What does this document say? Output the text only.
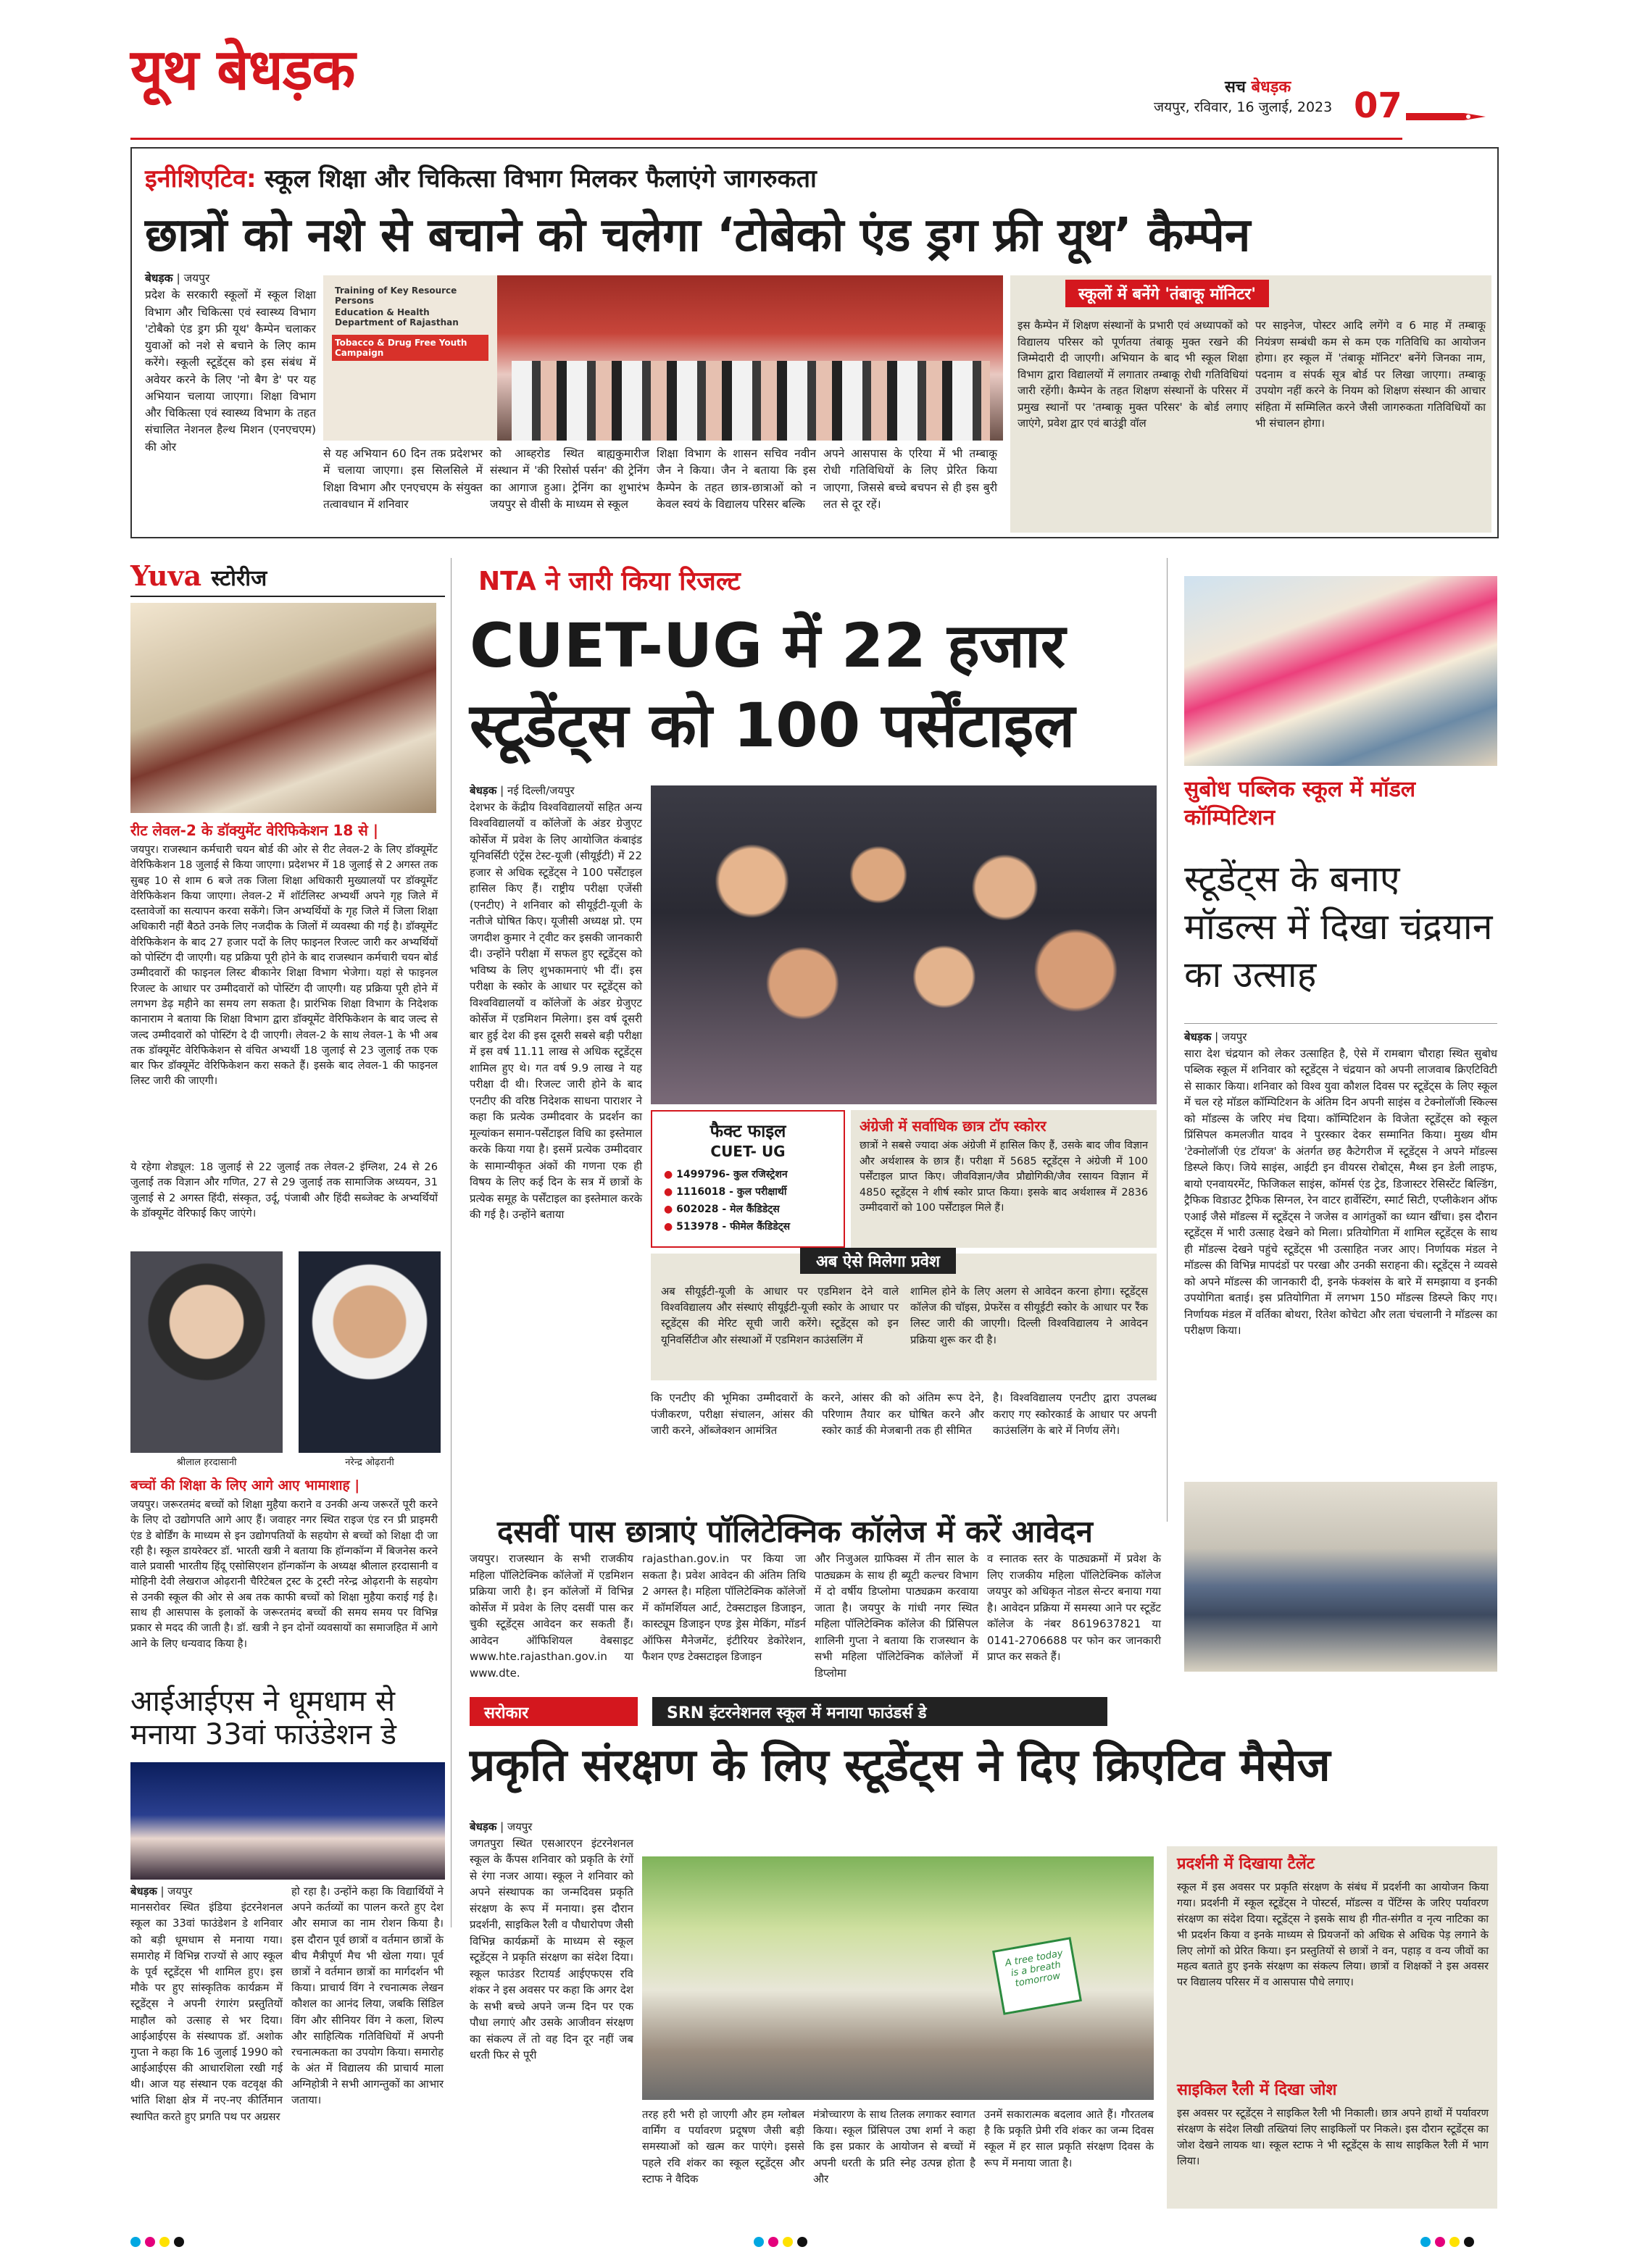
यूथ बेधड़क	सच बेधड़क
जयपुर, रविवार, 16 जुलाई, 2023 07
इनीशिएटिव: स्कूल शिक्षा और चिकित्सा विभाग मिलकर फैलाएंगे जागरुकता
छात्रों को नशे से बचाने को चलेगा ‘टोबेको एंड ड्रग फ्री यूथ’ कैम्पेन
बेधड़क | जयपुर
प्रदेश के सरकारी स्कूलों में स्कूल शिक्षा विभाग और चिकित्सा एवं स्वास्थ्य विभाग 'टोबैको एंड ड्रग फ्री यूथ' कैम्पेन चलाकर युवाओं को नशे से बचाने के लिए काम करेंगे। स्कूली स्टूडेंट्स को इस संबंध में अवेयर करने के लिए 'नो बैग डे' पर यह अभियान चलाया जाएगा। शिक्षा विभाग और चिकित्सा एवं स्वास्थ्य विभाग के तहत संचालित नेशनल हैल्थ मिशन (एनएचएम) की ओर
Training of Key Resource Persons
Education & Health Department of Rajasthan
Tobacco & Drug Free Youth Campaign
से यह अभियान 60 दिन तक प्रदेशभर में चलाया जाएगा। इस सिलसिले में शिक्षा विभाग और एनएचएम के संयुक्त तत्वावधान में शनिवार
को आब्हरोड स्थित बाह्यकुमारीज संस्थान में 'की रिसोर्स पर्सन' की ट्रेनिंग का आगाज हुआ। ट्रेनिंग का शुभारंभ जयपुर से वीसी के माध्यम से स्कूल
शिक्षा विभाग के शासन सचिव नवीन जैन ने किया। जैन ने बताया कि इस कैम्पेन के तहत छात्र-छात्राओं को न केवल स्वयं के विद्यालय परिसर बल्कि
अपने आसपास के एरिया में भी तम्बाकू रोधी गतिविधियों के लिए प्रेरित किया जाएगा, जिससे बच्चे बचपन से ही इस बुरी लत से दूर रहें।
स्कूलों में बनेंगे 'तंबाकू मॉनिटर'
इस कैम्पेन में शिक्षण संस्थानों के प्रभारी एवं अध्यापकों को विद्यालय परिसर को पूर्णतया तंबाकू मुक्त रखने की जिम्मेदारी दी जाएगी। अभियान के बाद भी स्कूल शिक्षा विभाग द्वारा विद्यालयों में लगातार तम्बाकू रोधी गतिविधियां जारी रहेंगी। कैम्पेन के तहत शिक्षण संस्थानों के परिसर में प्रमुख स्थानों पर 'तम्बाकू मुक्त परिसर' के बोर्ड लगाए जाएंगे, प्रवेश द्वार एवं बाउंड्री वॉल
पर साइनेज, पोस्टर आदि लगेंगे व 6 माह में तम्बाकू नियंत्रण सम्बंधी कम से कम एक गतिविधि का आयोजन होगा। हर स्कूल में 'तंबाकू मॉनिटर' बनेंगे जिनका नाम, पदनाम व संपर्क सूत्र बोर्ड पर लिखा जाएगा। तम्बाकू उपयोग नहीं करने के नियम को शिक्षण संस्थान की आचार संहिता में सम्मिलित करने जैसी जागरुकता गतिविधियों का भी संचालन होगा।
Yuva स्टोरीज
रीट लेवल-2 के डॉक्युमेंट वेरिफिकेशन 18 से |
जयपुर। राजस्थान कर्मचारी चयन बोर्ड की ओर से रीट लेवल-2 के लिए डॉक्यूमेंट वेरिफिकेशन 18 जुलाई से किया जाएगा। प्रदेशभर में 18 जुलाई से 2 अगस्त तक सुबह 10 से शाम 6 बजे तक जिला शिक्षा अधिकारी मुख्यालयों पर डॉक्यूमेंट वेरिफिकेशन किया जाएगा। लेवल-2 में शॉर्टलिस्ट अभ्यर्थी अपने गृह जिले में दस्तावेजों का सत्यापन करवा सकेंगे। जिन अभ्यर्थियों के गृह जिले में जिला शिक्षा अधिकारी नहीं बैठते उनके लिए नजदीक के जिलों में व्यवस्था की गई है। डॉक्यूमेंट वेरिफिकेशन के बाद 27 हजार पदों के लिए फाइनल रिजल्ट जारी कर अभ्यर्थियों को पोस्टिंग दी जाएगी। यह प्रक्रिया पूरी होने के बाद राजस्थान कर्मचारी चयन बोर्ड उम्मीदवारों की फाइनल लिस्ट बीकानेर शिक्षा विभाग भेजेगा। यहां से फाइनल रिजल्ट के आधार पर उम्मीदवारों को पोस्टिंग दी जाएगी। यह प्रक्रिया पूरी होने में लगभग डेढ़ महीने का समय लग सकता है। प्रारंभिक शिक्षा विभाग के निदेशक कानाराम ने बताया कि शिक्षा विभाग द्वारा डॉक्यूमेंट वेरिफिकेशन के बाद जल्द से जल्द उम्मीदवारों को पोस्टिंग दे दी जाएगी। लेवल-2 के साथ लेवल-1 के भी अब तक डॉक्यूमेंट वेरिफिकेशन से वंचित अभ्यर्थी 18 जुलाई से 23 जुलाई तक एक बार फिर डॉक्यूमेंट वेरिफिकेशन करा सकते हैं। इसके बाद लेवल-1 की फाइनल लिस्ट जारी की जाएगी।
ये रहेगा शेड्यूल: 18 जुलाई से 22 जुलाई तक लेवल-2 इंग्लिश, 24 से 26 जुलाई तक विज्ञान और गणित, 27 से 29 जुलाई तक सामाजिक अध्ययन, 31 जुलाई से 2 अगस्त हिंदी, संस्कृत, उर्दू, पंजाबी और हिंदी सब्जेक्ट के अभ्यर्थियों के डॉक्यूमेंट वेरिफाई किए जाएंगे।
श्रीलाल हरदासानी	नरेन्द्र ओढ़रानी
बच्चों की शिक्षा के लिए आगे आए भामाशाह |
जयपुर। जरूरतमंद बच्चों को शिक्षा मुहैया कराने व उनकी अन्य जरूरतें पूरी करने के लिए दो उद्योगपति आगे आए हैं। जवाहर नगर स्थित राइज एंड रन प्री प्राइमरी एंड डे बोर्डिंग के माध्यम से इन उद्योगपतियों के सहयोग से बच्चों को शिक्षा दी जा रही है। स्कूल डायरेक्टर डॉ. भारती खत्री ने बताया कि हॉन्गकॉन्ग में बिजनेस करने वाले प्रवासी भारतीय हिंदू एसोसिएशन हॉन्गकॉन्ग के अध्यक्ष श्रीलाल हरदासानी व मोहिनी देवी लेखराज ओढ़रानी चैरिटेबल ट्रस्ट के ट्रस्टी नरेन्द्र ओढ़रानी के सहयोग से उनकी स्कूल की ओर से अब तक काफी बच्चों को शिक्षा मुहैया कराई गई है। साथ ही आसपास के इलाकों के जरूरतमंद बच्चों की समय समय पर विभिन्न प्रकार से मदद की जाती है। डॉ. खत्री ने इन दोनों व्यवसायों का समाजहित में आगे आने के लिए धन्यवाद किया है।
आईआईएस ने धूमधाम से मनाया 33वां फाउंडेशन डे
बेधड़क | जयपुर
मानसरोवर स्थित इंडिया इंटरनेशनल स्कूल का 33वां फाउंडेशन डे शनिवार को बड़ी धूमधाम से मनाया गया। समारोह में विभिन्न राज्यों से आए स्कूल के पूर्व स्टूडेंट्स भी शामिल हुए। इस मौके पर हुए सांस्कृतिक कार्यक्रम में स्टूडेंट्स ने अपनी रंगारंग प्रस्तुतियों माहौल को उत्साह से भर दिया। आईआईएस के संस्थापक डॉ. अशोक गुप्ता ने कहा कि 16 जुलाई 1990 को आईआईएस की आधारशिला रखी गई थी। आज यह संस्थान एक वटवृक्ष की भांति शिक्षा क्षेत्र में नए-नए कीर्तिमान स्थापित करते हुए प्रगति पथ पर अग्रसर
हो रहा है। उन्होंने कहा कि विद्यार्थियों ने अपने कर्तव्यों का पालन करते हुए देश और समाज का नाम रोशन किया है। इस दौरान पूर्व छात्रों व वर्तमान छात्रों के बीच मैत्रीपूर्ण मैच भी खेला गया। पूर्व छात्रों ने वर्तमान छात्रों का मार्गदर्शन भी किया। प्राचार्य विंग ने रचनात्मक लेखन कौशल का आनंद लिया, जबकि सिंडिल विंग और सीनियर विंग ने कला, शिल्प और साहित्यिक गतिविधियों में अपनी रचनात्मकता का उपयोग किया। समारोह के अंत में विद्यालय की प्राचार्य माला अग्निहोत्री ने सभी आगन्तुकों का आभार जताया।
NTA ने जारी किया रिजल्ट
CUET-UG में 22 हजार
स्टूडेंट्स को 100 पर्सेंटाइल
बेधड़क | नई दिल्ली/जयपुर
देशभर के केंद्रीय विश्वविद्यालयों सहित अन्य विश्वविद्यालयों व कॉलेजों के अंडर ग्रेजुएट कोर्सेज में प्रवेश के लिए आयोजित कंबाइंड यूनिवर्सिटी एंट्रेंस टेस्ट-यूजी (सीयूईटी) में 22 हजार से अधिक स्टूडेंट्स ने 100 पर्सेंटाइल हासिल किए हैं। राष्ट्रीय परीक्षा एजेंसी (एनटीए) ने शनिवार को सीयूईटी-यूजी के नतीजे घोषित किए। यूजीसी अध्यक्ष प्रो. एम जगदीश कुमार ने ट्वीट कर इसकी जानकारी दी। उन्होंने परीक्षा में सफल हुए स्टूडेंट्स को भविष्य के लिए शुभकामनाएं भी दीं। इस परीक्षा के स्कोर के आधार पर स्टूडेंट्स को विश्वविद्यालयों व कॉलेजों के अंडर ग्रेजुएट कोर्सेज में एडमिशन मिलेगा। इस वर्ष दूसरी बार हुई देश की इस दूसरी सबसे बड़ी परीक्षा में इस वर्ष 11.11 लाख से अधिक स्टूडेंट्स शामिल हुए थे। गत वर्ष 9.9 लाख ने यह परीक्षा दी थी। रिजल्ट जारी होने के बाद एनटीए की वरिष्ठ निदेशक साधना पाराशर ने कहा कि प्रत्येक उम्मीदवार के प्रदर्शन का मूल्यांकन समान-पर्सेंटाइल विधि का इस्तेमाल करके किया गया है। इसमें प्रत्येक उम्मीदवार के सामान्यीकृत अंकों की गणना एक ही विषय के लिए कई दिन के सत्र में छात्रों के प्रत्येक समूह के पर्सेंटाइल का इस्तेमाल करके की गई है। उन्होंने बताया
फैक्ट फाइल
CUET- UG
● 1499796- कुल रजिस्ट्रेशन
● 1116018 - कुल परीक्षार्थी
● 602028 - मेल कैंडिडेट्स
● 513978 - फीमेल कैंडिडेट्स
अंग्रेजी में सर्वाधिक छात्र टॉप स्कोरर
छात्रों ने सबसे ज्यादा अंक अंग्रेजी में हासिल किए हैं, उसके बाद जीव विज्ञान और अर्थशास्त्र के छात्र हैं। परीक्षा में 5685 स्टूडेंट्स ने अंग्रेजी में 100 पर्सेंटाइल प्राप्त किए। जीवविज्ञान/जैव प्रौद्योगिकी/जैव रसायन विज्ञान में 4850 स्टूडेंट्स ने शीर्ष स्कोर प्राप्त किया। इसके बाद अर्थशास्त्र में 2836 उम्मीदवारों को 100 पर्सेंटाइल मिले हैं।
अब ऐसे मिलेगा प्रवेश
अब सीयूईटी-यूजी के आधार पर एडमिशन देने वाले विश्वविद्यालय और संस्थाएं सीयूईटी-यूजी स्कोर के आधार पर स्टूडेंट्स की मेरिट सूची जारी करेंगे। स्टूडेंट्स को इन यूनिवर्सिटीज और संस्थाओं में एडमिशन काउंसलिंग में
शामिल होने के लिए अलग से आवेदन करना होगा। स्टूडेंट्स कॉलेज की चॉइस, प्रेफरेंस व सीयूईटी स्कोर के आधार पर रैंक लिस्ट जारी की जाएगी। दिल्ली विश्वविद्यालय ने आवेदन प्रक्रिया शुरू कर दी है।
कि एनटीए की भूमिका उम्मीदवारों के पंजीकरण, परीक्षा संचालन, आंसर की जारी करने, ऑब्जेक्शन आमंत्रित
करने, आंसर की को अंतिम रूप देने, परिणाम तैयार कर घोषित करने और स्कोर कार्ड की मेजबानी तक ही सीमित
है। विश्वविद्यालय एनटीए द्वारा उपलब्ध कराए गए स्कोरकार्ड के आधार पर अपनी काउंसलिंग के बारे में निर्णय लेंगे।
सुबोध पब्लिक स्कूल में मॉडल कॉम्पिटिशन
स्टूडेंट्स के बनाए मॉडल्स में दिखा चंद्रयान का उत्साह
बेधड़क | जयपुर
सारा देश चंद्रयान को लेकर उत्साहित है, ऐसे में रामबाग चौराहा स्थित सुबोध पब्लिक स्कूल में शनिवार को स्टूडेंट्स ने चंद्रयान को अपनी लाजवाब क्रिएटिविटी से साकार किया। शनिवार को विश्व युवा कौशल दिवस पर स्टूडेंट्स के लिए स्कूल में चल रहे मॉडल कॉम्पिटिशन के अंतिम दिन अपनी साइंस व टेक्नोलॉजी स्किल्स को मॉडल्स के जरिए मंच दिया। कॉम्पिटिशन के विजेता स्टूडेंट्स को स्कूल प्रिंसिपल कमलजीत यादव ने पुरस्कार देकर सम्मानित किया। मुख्य थीम 'टेक्नोलॉजी एंड टॉयज' के अंतर्गत छह कैटेगरीज में स्टूडेंट्स ने अपने मॉडल्स डिस्प्ले किए। जिये साइंस, आईटी इन वीयरस रोबोट्स, मैथ्स इन डेली लाइफ, बायो एनवायरमेंट, फिजिकल साइंस, कॉमर्स एंड ट्रेड, डिजास्टर रेसिस्टेंट बिल्डिंग, ट्रैफिक विडाउट ट्रैफिक सिग्नल, रेन वाटर हार्वेस्टिंग, स्मार्ट सिटी, एप्लीकेशन ऑफ एआई जैसे मॉडल्स में स्टूडेंट्स ने जजेस व आगंतुकों का ध्यान खींचा। इस दौरान स्टूडेंट्स में भारी उत्साह देखने को मिला। प्रतियोगिता में शामिल स्टूडेंट्स के साथ ही मॉडल्स देखने पहुंचे स्टूडेंट्स भी उत्साहित नजर आए। निर्णायक मंडल ने मॉडल्स की विभिन्न मापदंडों पर परखा और उनकी सराहना की। स्टूडेंट्स ने व्यवसे को अपने मॉडल्स की जानकारी दी, इनके फंक्शंस के बारे में समझाया व इनकी उपयोगिता बताई। इस प्रतियोगिता में लगभग 150 मॉडल्स डिस्प्ले किए गए। निर्णायक मंडल में वर्तिका बोथरा, रितेश कोचेटा और लता चंचलानी ने मॉडल्स का परीक्षण किया।
दसवीं पास छात्राएं पॉलिटेक्निक कॉलेज में करें आवेदन
जयपुर। राजस्थान के सभी राजकीय महिला पॉलिटेक्निक कॉलेजों में एडमिशन प्रक्रिया जारी है। इन कॉलेजों में विभिन्न कोर्सेज में प्रवेश के लिए दसवीं पास कर चुकी स्टूडेंट्स आवेदन कर सकती हैं। आवेदन ऑफिशियल वेबसाइट www.hte.rajasthan.gov.in या www.dte.
rajasthan.gov.in पर किया जा सकता है। प्रवेश आवेदन की अंतिम तिथि 2 अगस्त है। महिला पॉलिटेक्निक कॉलेजों में कॉमर्शियल आर्ट, टेक्सटाइल डिजाइन, कास्ट्यूम डिजाइन एण्ड ड्रेस मेकिंग, मॉडर्न ऑफिस मैनेजमेंट, इंटीरियर डेकोरेशन, फैशन एण्ड टेक्सटाइल डिजाइन
और निजुअल ग्राफिक्स में तीन साल के पाठ्यक्रम के साथ ही ब्यूटी कल्चर विभाग में दो वर्षीय डिप्लोमा पाठ्यक्रम करवाया जाता है। जयपुर के गांधी नगर स्थित महिला पॉलिटेक्निक कॉलेज की प्रिंसिपल शालिनी गुप्ता ने बताया कि राजस्थान के सभी महिला पॉलिटेक्निक कॉलेजों में डिप्लोमा
व स्नातक स्तर के पाठ्यक्रमों में प्रवेश के लिए राजकीय महिला पॉलिटेक्निक कॉलेज जयपुर को अधिकृत नोडल सेन्टर बनाया गया है। आवेदन प्रक्रिया में समस्या आने पर स्टूडेंट कॉलेज के नंबर 8619637821 या 0141-2706688 पर फोन कर जानकारी प्राप्त कर सकते हैं।
सरोकार	SRN इंटरनेशनल स्कूल में मनाया फाउंडर्स डे
प्रकृति संरक्षण के लिए स्टूडेंट्स ने दिए क्रिएटिव मैसेज
बेधड़क | जयपुर
जगतपुरा स्थित एसआरएन इंटरनेशनल स्कूल के कैंपस शनिवार को प्रकृति के रंगों से रंगा नजर आया। स्कूल ने शनिवार को अपने संस्थापक का जन्मदिवस प्रकृति संरक्षण के रूप में मनाया। इस दौरान प्रदर्शनी, साइकिल रैली व पौधारोपण जैसी विभिन्न कार्यक्रमों के माध्यम से स्कूल स्टूडेंट्स ने प्रकृति संरक्षण का संदेश दिया। स्कूल फाउंडर रिटायर्ड आईएफएस रवि शंकर ने इस अवसर पर कहा कि अगर देश के सभी बच्चे अपने जन्म दिन पर एक पौधा लगाएं और उसके आजीवन संरक्षण का संकल्प लें तो वह दिन दूर नहीं जब धरती फिर से पूरी
A tree today is a breath tomorrow
तरह हरी भरी हो जाएगी और हम ग्लोबल वार्मिंग व पर्यावरण प्रदूषण जैसी बड़ी समस्याओं को खत्म कर पाएंगे। इससे पहले रवि शंकर का स्कूल स्टूडेंट्स और स्टाफ ने वैदिक
मंत्रोच्चारण के साथ तिलक लगाकर स्वागत किया। स्कूल प्रिंसिपल उषा शर्मा ने कहा कि इस प्रकार के आयोजन से बच्चों में अपनी धरती के प्रति स्नेह उत्पन्न होता है और
उनमें सकारात्मक बदलाव आते हैं। गौरतलब है कि प्रकृति प्रेमी रवि शंकर का जन्म दिवस स्कूल में हर साल प्रकृति संरक्षण दिवस के रूप में मनाया जाता है।
प्रदर्शनी में दिखाया टैलेंट
स्कूल में इस अवसर पर प्रकृति संरक्षण के संबंध में प्रदर्शनी का आयोजन किया गया। प्रदर्शनी में स्कूल स्टूडेंट्स ने पोस्टर्स, मॉडल्स व पेंटिंग्स के जरिए पर्यावरण संरक्षण का संदेश दिया। स्टूडेंट्स ने इसके साथ ही गीत-संगीत व नृत्य नाटिका का भी प्रदर्शन किया व इनके माध्यम से प्रियजनों को अधिक से अधिक पेड़ लगाने के लिए लोगों को प्रेरित किया। इन प्रस्तुतियों से छात्रों ने वन, पहाड़ व वन्य जीवों का महत्व बताते हुए इनके संरक्षण का संकल्प लिया। छात्रों व शिक्षकों ने इस अवसर पर विद्यालय परिसर में व आसपास पौधे लगाए।
साइकिल रैली में दिखा जोश
इस अवसर पर स्टूडेंट्स ने साइकिल रैली भी निकाली। छात्र अपने हाथों में पर्यावरण संरक्षण के संदेश लिखी तख्तियां लिए साइकिलों पर निकले। इस दौरान स्टूडेंट्स का जोश देखने लायक था। स्कूल स्टाफ ने भी स्टूडेंट्स के साथ साइकिल रैली में भाग लिया।
